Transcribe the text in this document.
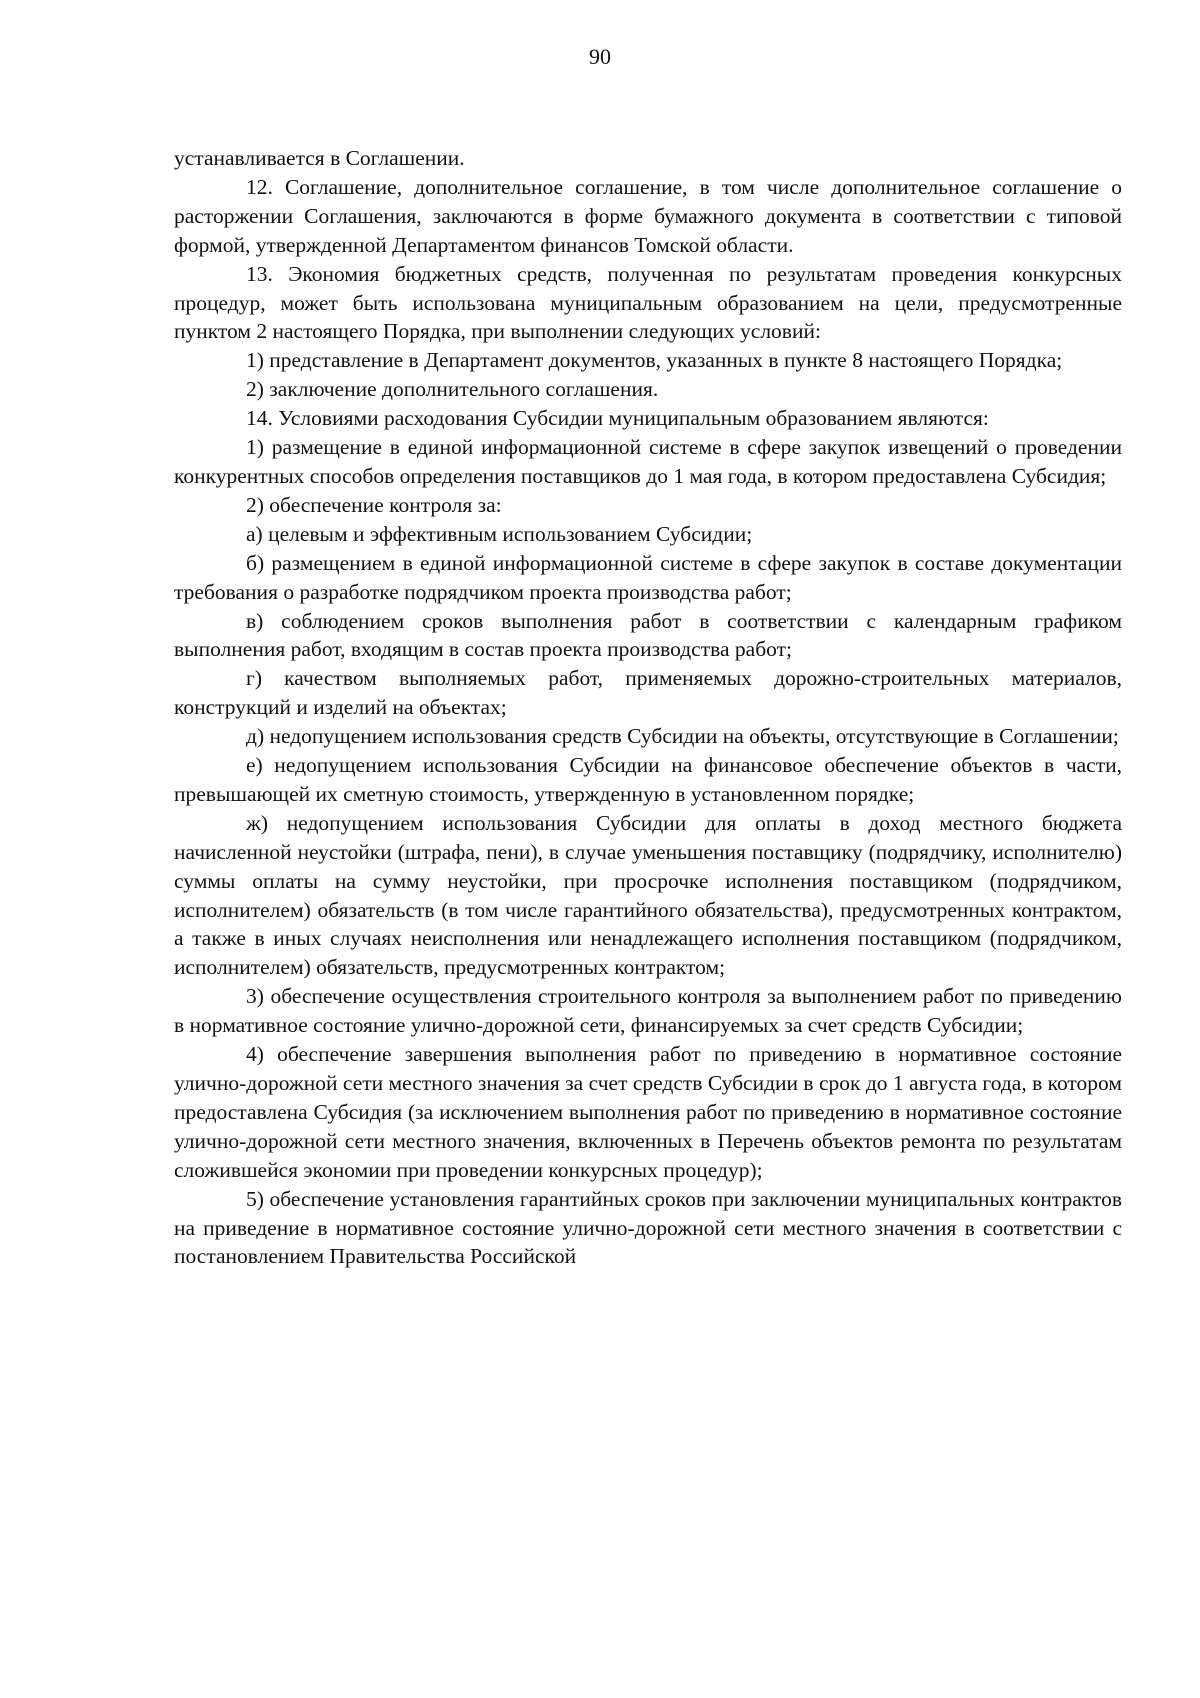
90

устанавливается в Соглашении.

12. Соглашение, дополнительное соглашение, в том числе дополнительное соглашение о расторжении Соглашения, заключаются в форме бумажного документа в соответствии с типовой формой, утвержденной Департаментом финансов Томской области.

13. Экономия бюджетных средств, полученная по результатам проведения конкурсных процедур, может быть использована муниципальным образованием на цели, предусмотренные пунктом 2 настоящего Порядка, при выполнении следующих условий:

1) представление в Департамент документов, указанных в пункте 8 настоящего Порядка;

2) заключение дополнительного соглашения.

14. Условиями расходования Субсидии муниципальным образованием являются:

1) размещение в единой информационной системе в сфере закупок извещений о проведении конкурентных способов определения поставщиков до 1 мая года, в котором предоставлена Субсидия;

2) обеспечение контроля за:

а) целевым и эффективным использованием Субсидии;

б) размещением в единой информационной системе в сфере закупок в составе документации требования о разработке подрядчиком проекта производства работ;

в) соблюдением сроков выполнения работ в соответствии с календарным графиком выполнения работ, входящим в состав проекта производства работ;

г) качеством выполняемых работ, применяемых дорожно-строительных материалов, конструкций и изделий на объектах;

д) недопущением использования средств Субсидии на объекты, отсутствующие в Соглашении;

е) недопущением использования Субсидии на финансовое обеспечение объектов в части, превышающей их сметную стоимость, утвержденную в установленном порядке;

ж) недопущением использования Субсидии для оплаты в доход местного бюджета начисленной неустойки (штрафа, пени), в случае уменьшения поставщику (подрядчику, исполнителю) суммы оплаты на сумму неустойки, при просрочке исполнения поставщиком (подрядчиком, исполнителем) обязательств (в том числе гарантийного обязательства), предусмотренных контрактом, а также в иных случаях неисполнения или ненадлежащего исполнения поставщиком (подрядчиком, исполнителем) обязательств, предусмотренных контрактом;

3) обеспечение осуществления строительного контроля за выполнением работ по приведению в нормативное состояние улично-дорожной сети, финансируемых за счет средств Субсидии;

4) обеспечение завершения выполнения работ по приведению в нормативное состояние улично-дорожной сети местного значения за счет средств Субсидии в срок до 1 августа года, в котором предоставлена Субсидия (за исключением выполнения работ по приведению в нормативное состояние улично-дорожной сети местного значения, включенных в Перечень объектов ремонта по результатам сложившейся экономии при проведении конкурсных процедур);

5) обеспечение установления гарантийных сроков при заключении муниципальных контрактов на приведение в нормативное состояние улично-дорожной сети местного значения в соответствии с постановлением Правительства Российской
